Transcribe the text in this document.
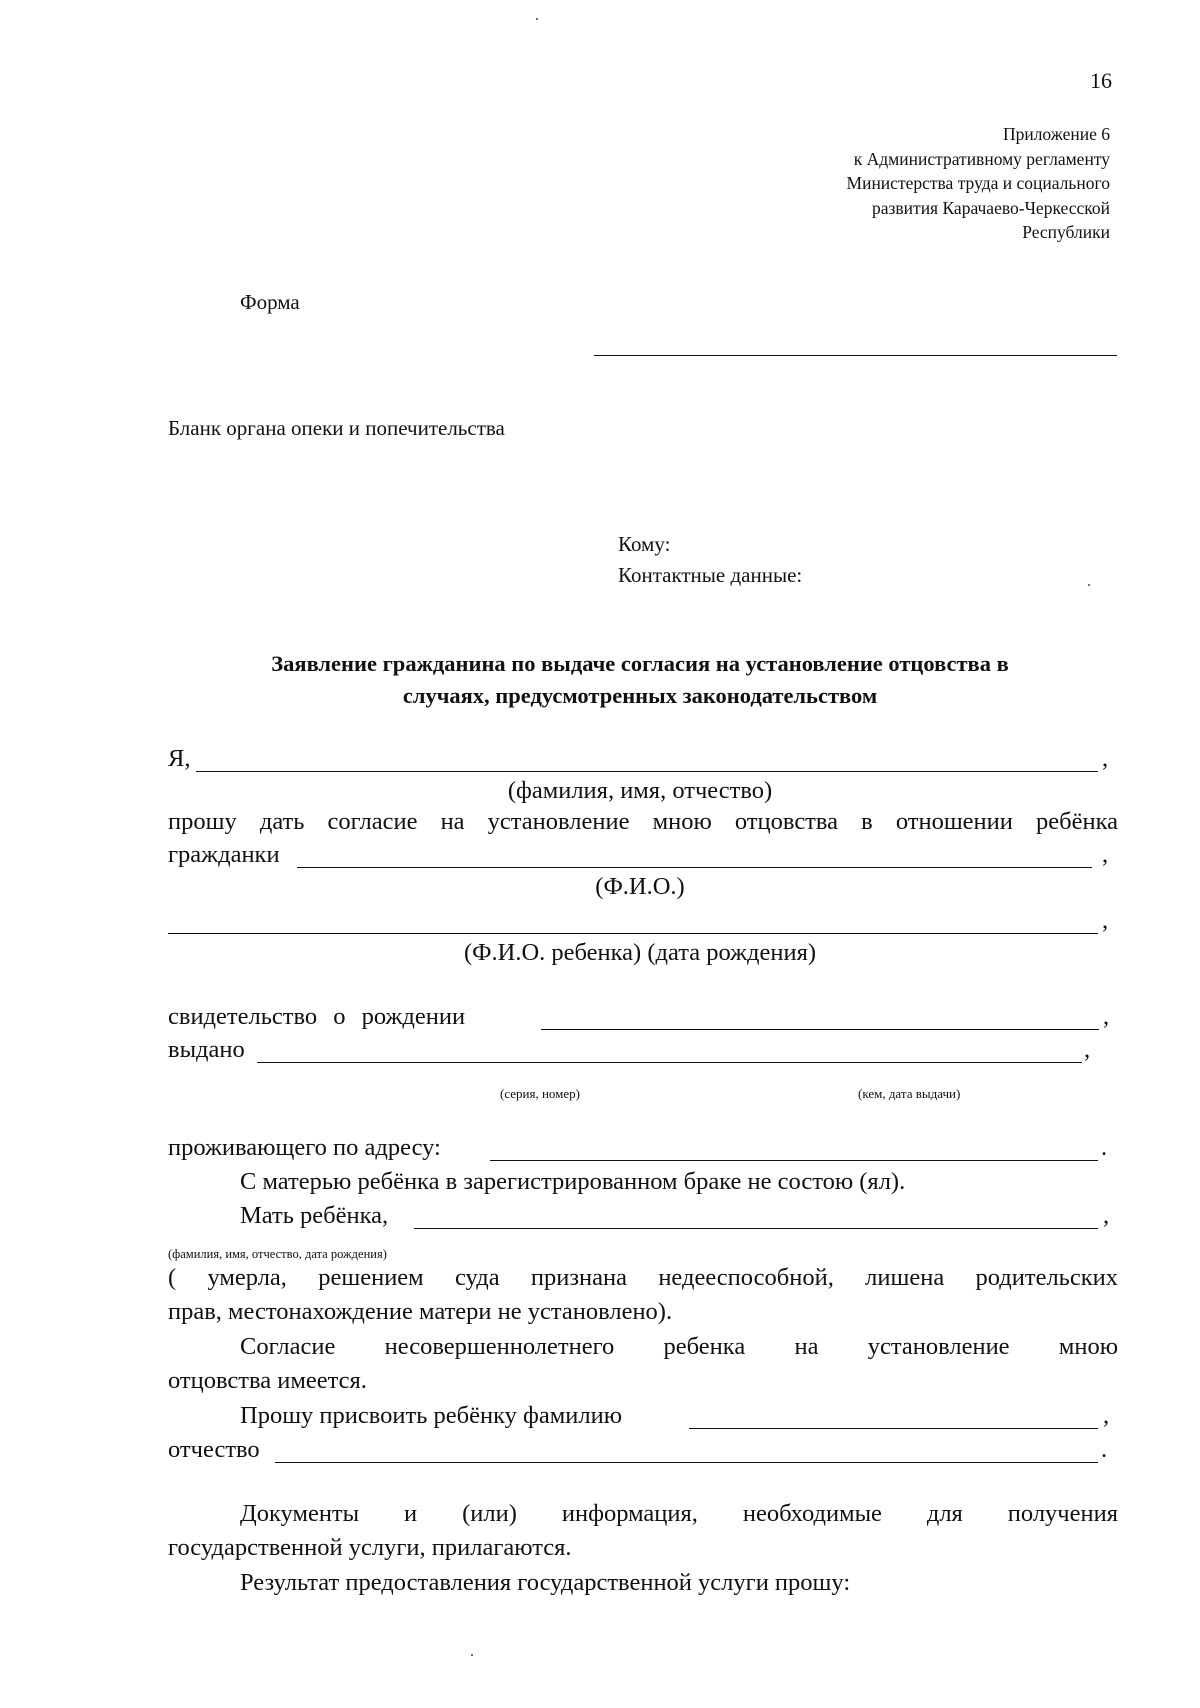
16
Приложение 6
к Административному регламенту
Министерства труда и социального
развития Карачаево-Черкесской
Республики
Форма
Бланк органа опеки и попечительства
Кому:
Контактные данные:
Заявление гражданина по выдаче согласия на установление отцовства в
случаях, предусмотренных законодательством
Я,	,
(фамилия, имя, отчество)
прошу дать согласие на установление мною отцовства в отношении ребёнка
гражданки	,
(Ф.И.О.)
,
(Ф.И.О. ребенка) (дата рождения)
свидетельство о рождении	,
выдано	,
(серия, номер)	(кем, дата выдачи)
проживающего по адресу:	.
С матерью ребёнка в зарегистрированном браке не состою (ял).
Мать ребёнка,	,
(фамилия, имя, отчество, дата рождения)
( умерла, решением суда признана недееспособной, лишена родительских
прав, местонахождение матери не установлено).
Согласие несовершеннолетнего ребенка на установление мною
отцовства имеется.
Прошу присвоить ребёнку фамилию	,
отчество	.
Документы и (или) информация, необходимые для получения
государственной услуги, прилагаются.
Результат предоставления государственной услуги прошу:
